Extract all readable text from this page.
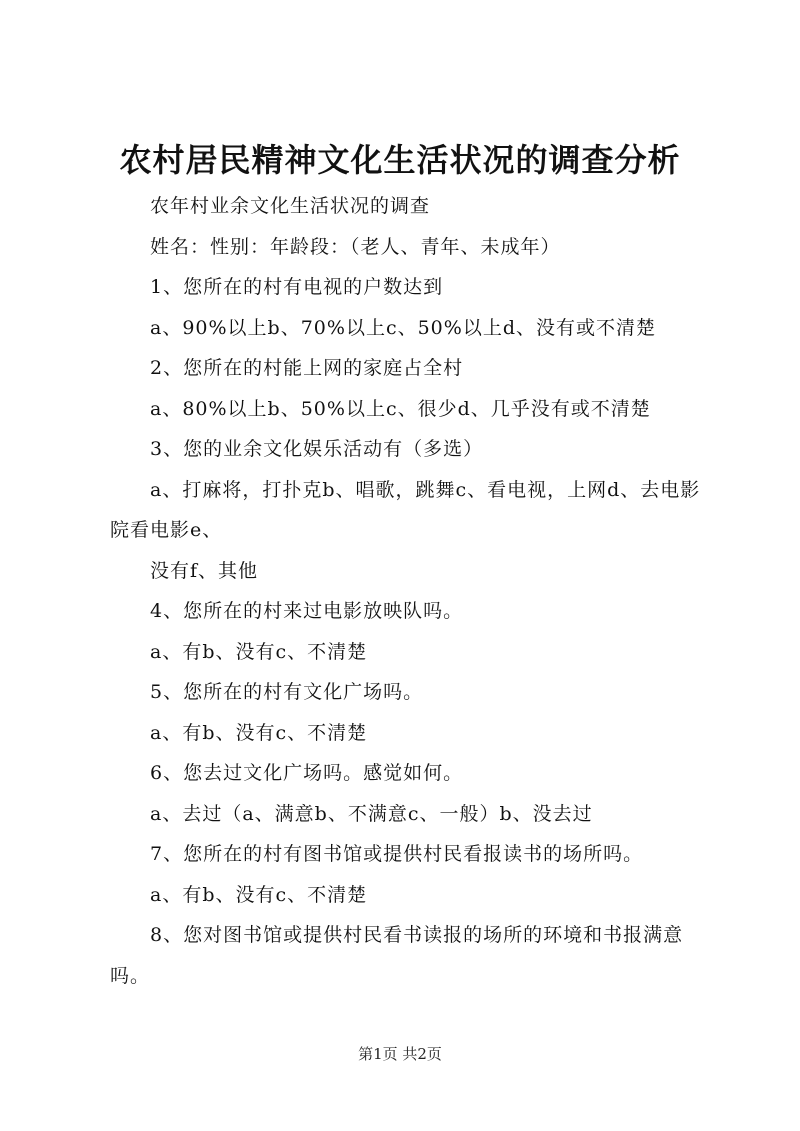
农村居民精神文化生活状况的调查分析

农年村业余文化生活状况的调查

姓名：性别：年龄段：（老人、青年、未成年）

1、您所在的村有电视的户数达到

a、90%以上b、70%以上c、50%以上d、没有或不清楚

2、您所在的村能上网的家庭占全村

a、80%以上b、50%以上c、很少d、几乎没有或不清楚

3、您的业余文化娱乐活动有（多选）

a、打麻将，打扑克b、唱歌，跳舞c、看电视，上网d、去电影院看电影e、

没有f、其他

4、您所在的村来过电影放映队吗。

a、有b、没有c、不清楚

5、您所在的村有文化广场吗。

a、有b、没有c、不清楚

6、您去过文化广场吗。感觉如何。

a、去过（a、满意b、不满意c、一般）b、没去过

7、您所在的村有图书馆或提供村民看报读书的场所吗。

a、有b、没有c、不清楚

8、您对图书馆或提供村民看书读报的场所的环境和书报满意吗。

第1页 共2页
